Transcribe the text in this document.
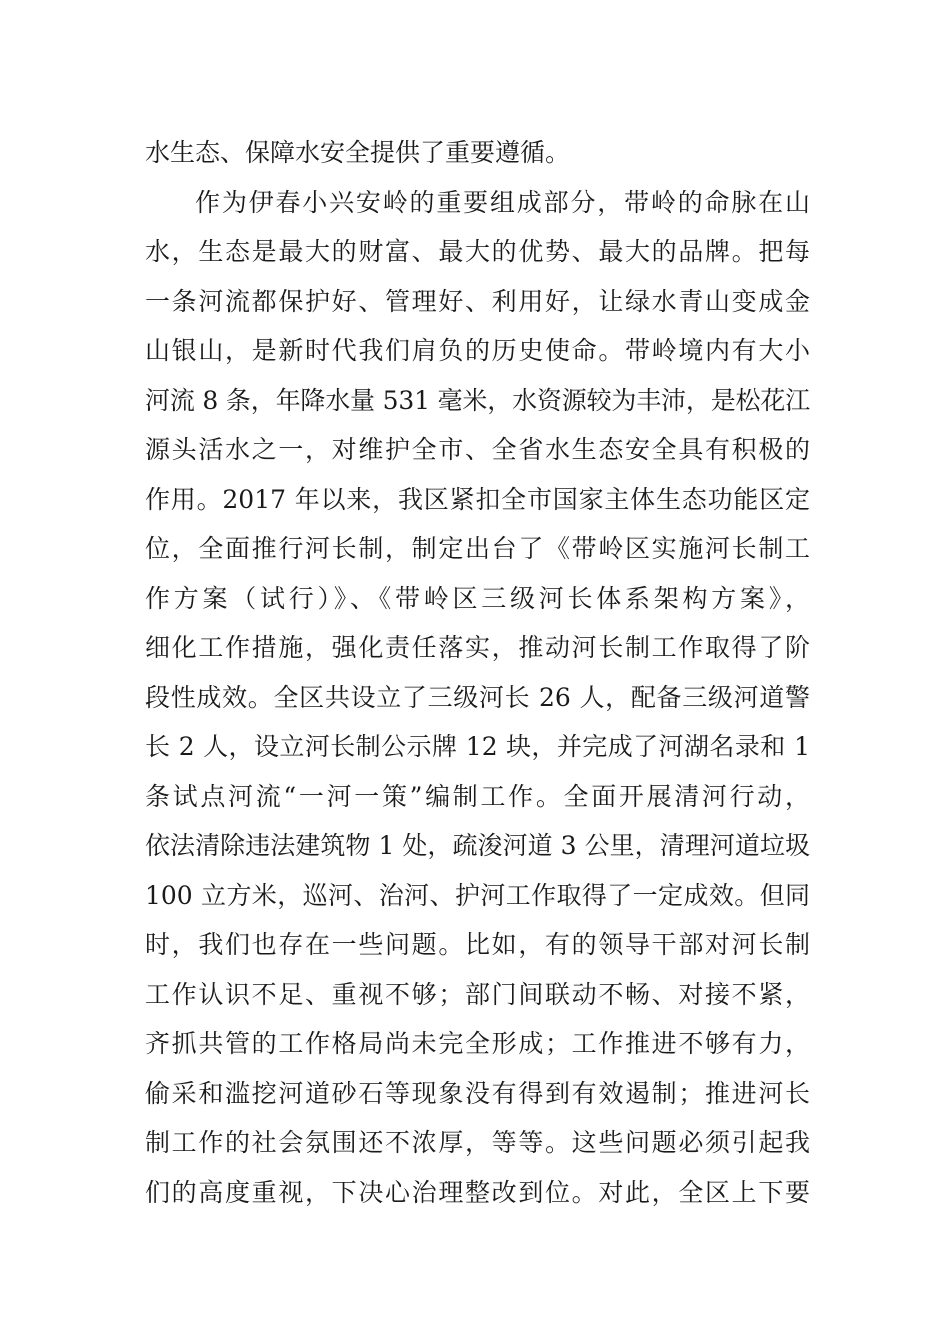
水生态、保障水安全提供了重要遵循。
作为伊春小兴安岭的重要组成部分，带岭的命脉在山
水，生态是最大的财富、最大的优势、最大的品牌。把每
一条河流都保护好、管理好、利用好，让绿水青山变成金
山银山，是新时代我们肩负的历史使命。带岭境内有大小
河流 8 条，年降水量 531 毫米，水资源较为丰沛，是松花江
源头活水之一，对维护全市、全省水生态安全具有积极的
作用。2017 年以来，我区紧扣全市国家主体生态功能区定
位，全面推行河长制，制定出台了《带岭区实施河长制工
作方案（试行）》、《带岭区三级河长体系架构方案》，
细化工作措施，强化责任落实，推动河长制工作取得了阶
段性成效。全区共设立了三级河长 26 人，配备三级河道警
长 2 人，设立河长制公示牌 12 块，并完成了河湖名录和 1
条试点河流“一河一策”编制工作。全面开展清河行动，
依法清除违法建筑物 1 处，疏浚河道 3 公里，清理河道垃圾
100 立方米，巡河、治河、护河工作取得了一定成效。但同
时，我们也存在一些问题。比如，有的领导干部对河长制
工作认识不足、重视不够；部门间联动不畅、对接不紧，
齐抓共管的工作格局尚未完全形成；工作推进不够有力，
偷采和滥挖河道砂石等现象没有得到有效遏制；推进河长
制工作的社会氛围还不浓厚，等等。这些问题必须引起我
们的高度重视，下决心治理整改到位。对此，全区上下要
